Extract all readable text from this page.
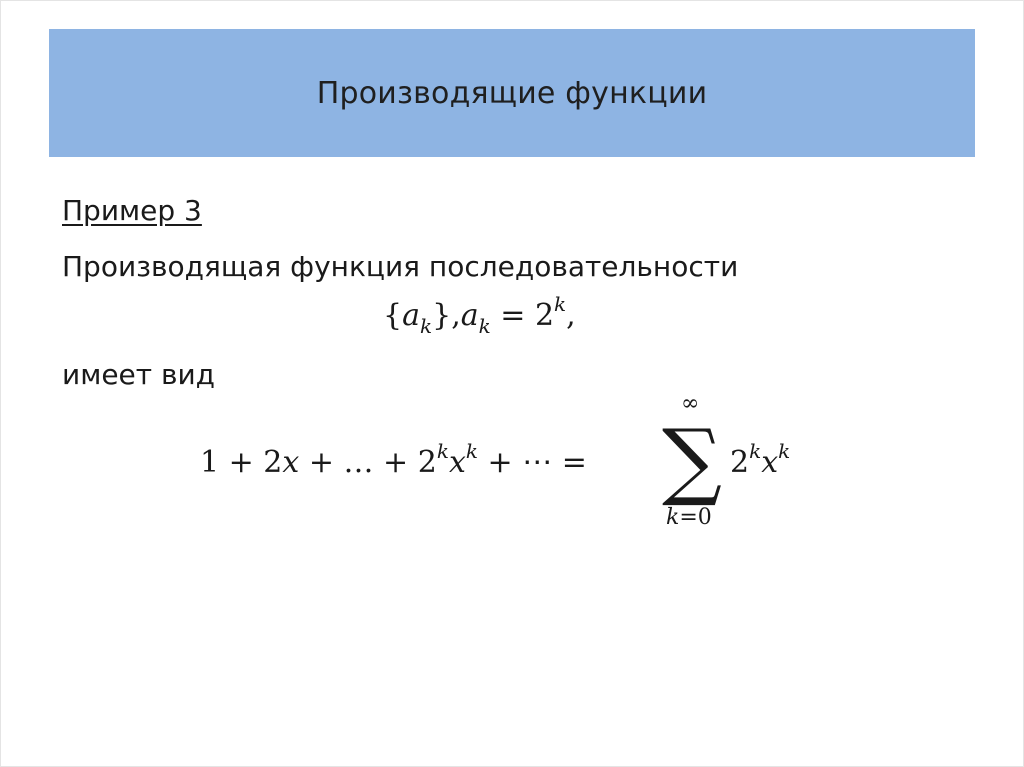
Производящие функции
Пример 3
Производящая функция последовательности
$\{a_k\},a_k = 2^k$,
имеет вид
1 + 2x + … + $2^kx^k$ + ⋯ =
∞
∑
k=0
$2^kx^k$
